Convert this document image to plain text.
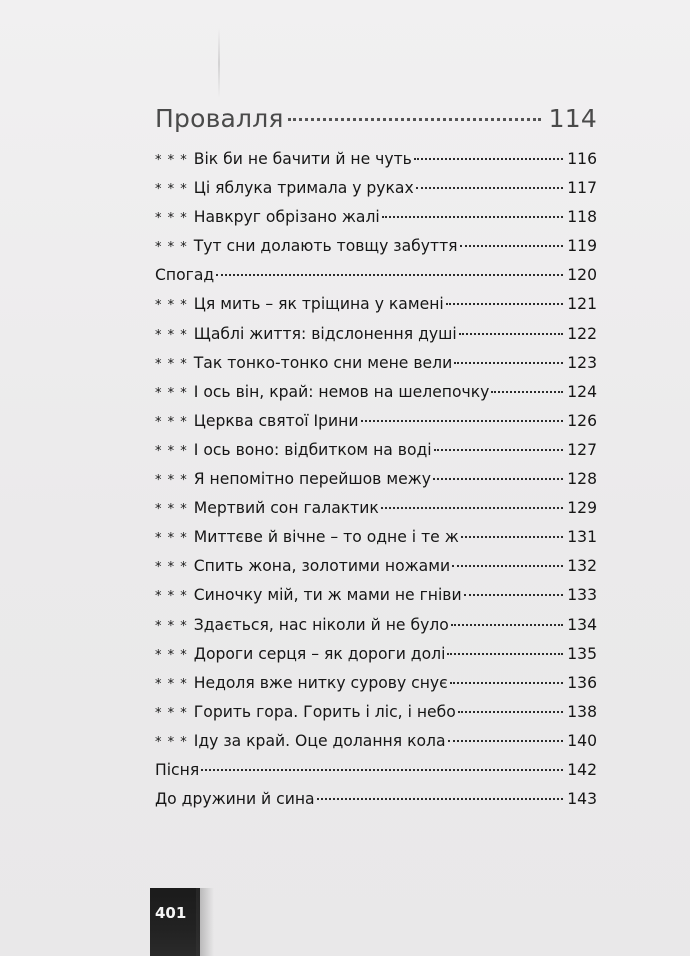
Провалля	114
* * * Вік би не бачити й не чуть	116
* * * Ці яблука тримала у руках	117
* * * Навкруг обрізано жалі	118
* * * Тут сни долають товщу забуття	119
Спогад	120
* * * Ця мить – як тріщина у камені	121
* * * Щаблі життя: відслонення душі	122
* * * Так тонко-тонко сни мене вели	123
* * * І ось він, край: немов на шелепочку	124
* * * Церква святої Ірини	126
* * * І ось воно: відбитком на воді	127
* * * Я непомітно перейшов межу	128
* * * Мертвий сон галактик	129
* * * Миттєве й вічне – то одне і те ж	131
* * * Спить жона, золотими ножами	132
* * * Синочку мій, ти ж мами не гніви	133
* * * Здається, нас ніколи й не було	134
* * * Дороги серця – як дороги долі	135
* * * Недоля вже нитку сурову снує	136
* * * Горить гора. Горить і ліс, і небо	138
* * * Іду за край. Оце долання кола	140
Пісня	142
До дружини й сина	143
401
